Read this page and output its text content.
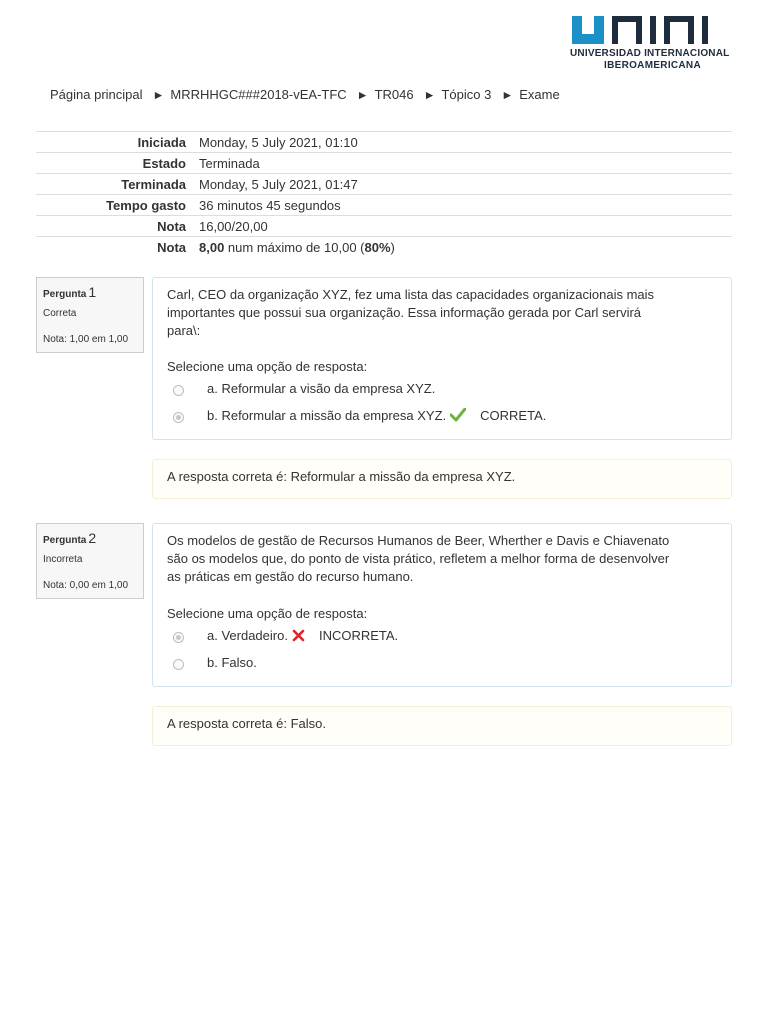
UNIVERSIDAD INTERNACIONAL
IBEROAMERICANA
Página principal ► MRRHHGC###2018-vEA-TFC ► TR046 ► Tópico 3 ► Exame
Iniciada	Monday, 5 July 2021, 01:10
Estado	Terminada
Terminada	Monday, 5 July 2021, 01:47
Tempo gasto	36 minutos 45 segundos
Nota	16,00/20,00
Nota	8,00 num máximo de 10,00 (80%)
Pergunta 1
Correta
Nota: 1,00 em 1,00
Carl, CEO da organização XYZ, fez uma lista das capacidades organizacionais mais
importantes que possui sua organização. Essa informação gerada por Carl servirá
para\:
Selecione uma opção de resposta:
a. Reformular a visão da empresa XYZ.
b. Reformular a missão da empresa XYZ.	CORRETA.
A resposta correta é: Reformular a missão da empresa XYZ.
Pergunta 2
Incorreta
Nota: 0,00 em 1,00
Os modelos de gestão de Recursos Humanos de Beer, Wherther e Davis e Chiavenato
são os modelos que, do ponto de vista prático, refletem a melhor forma de desenvolver
as práticas em gestão do recurso humano.
Selecione uma opção de resposta:
a. Verdadeiro. INCORRETA.
b. Falso.
A resposta correta é: Falso.
